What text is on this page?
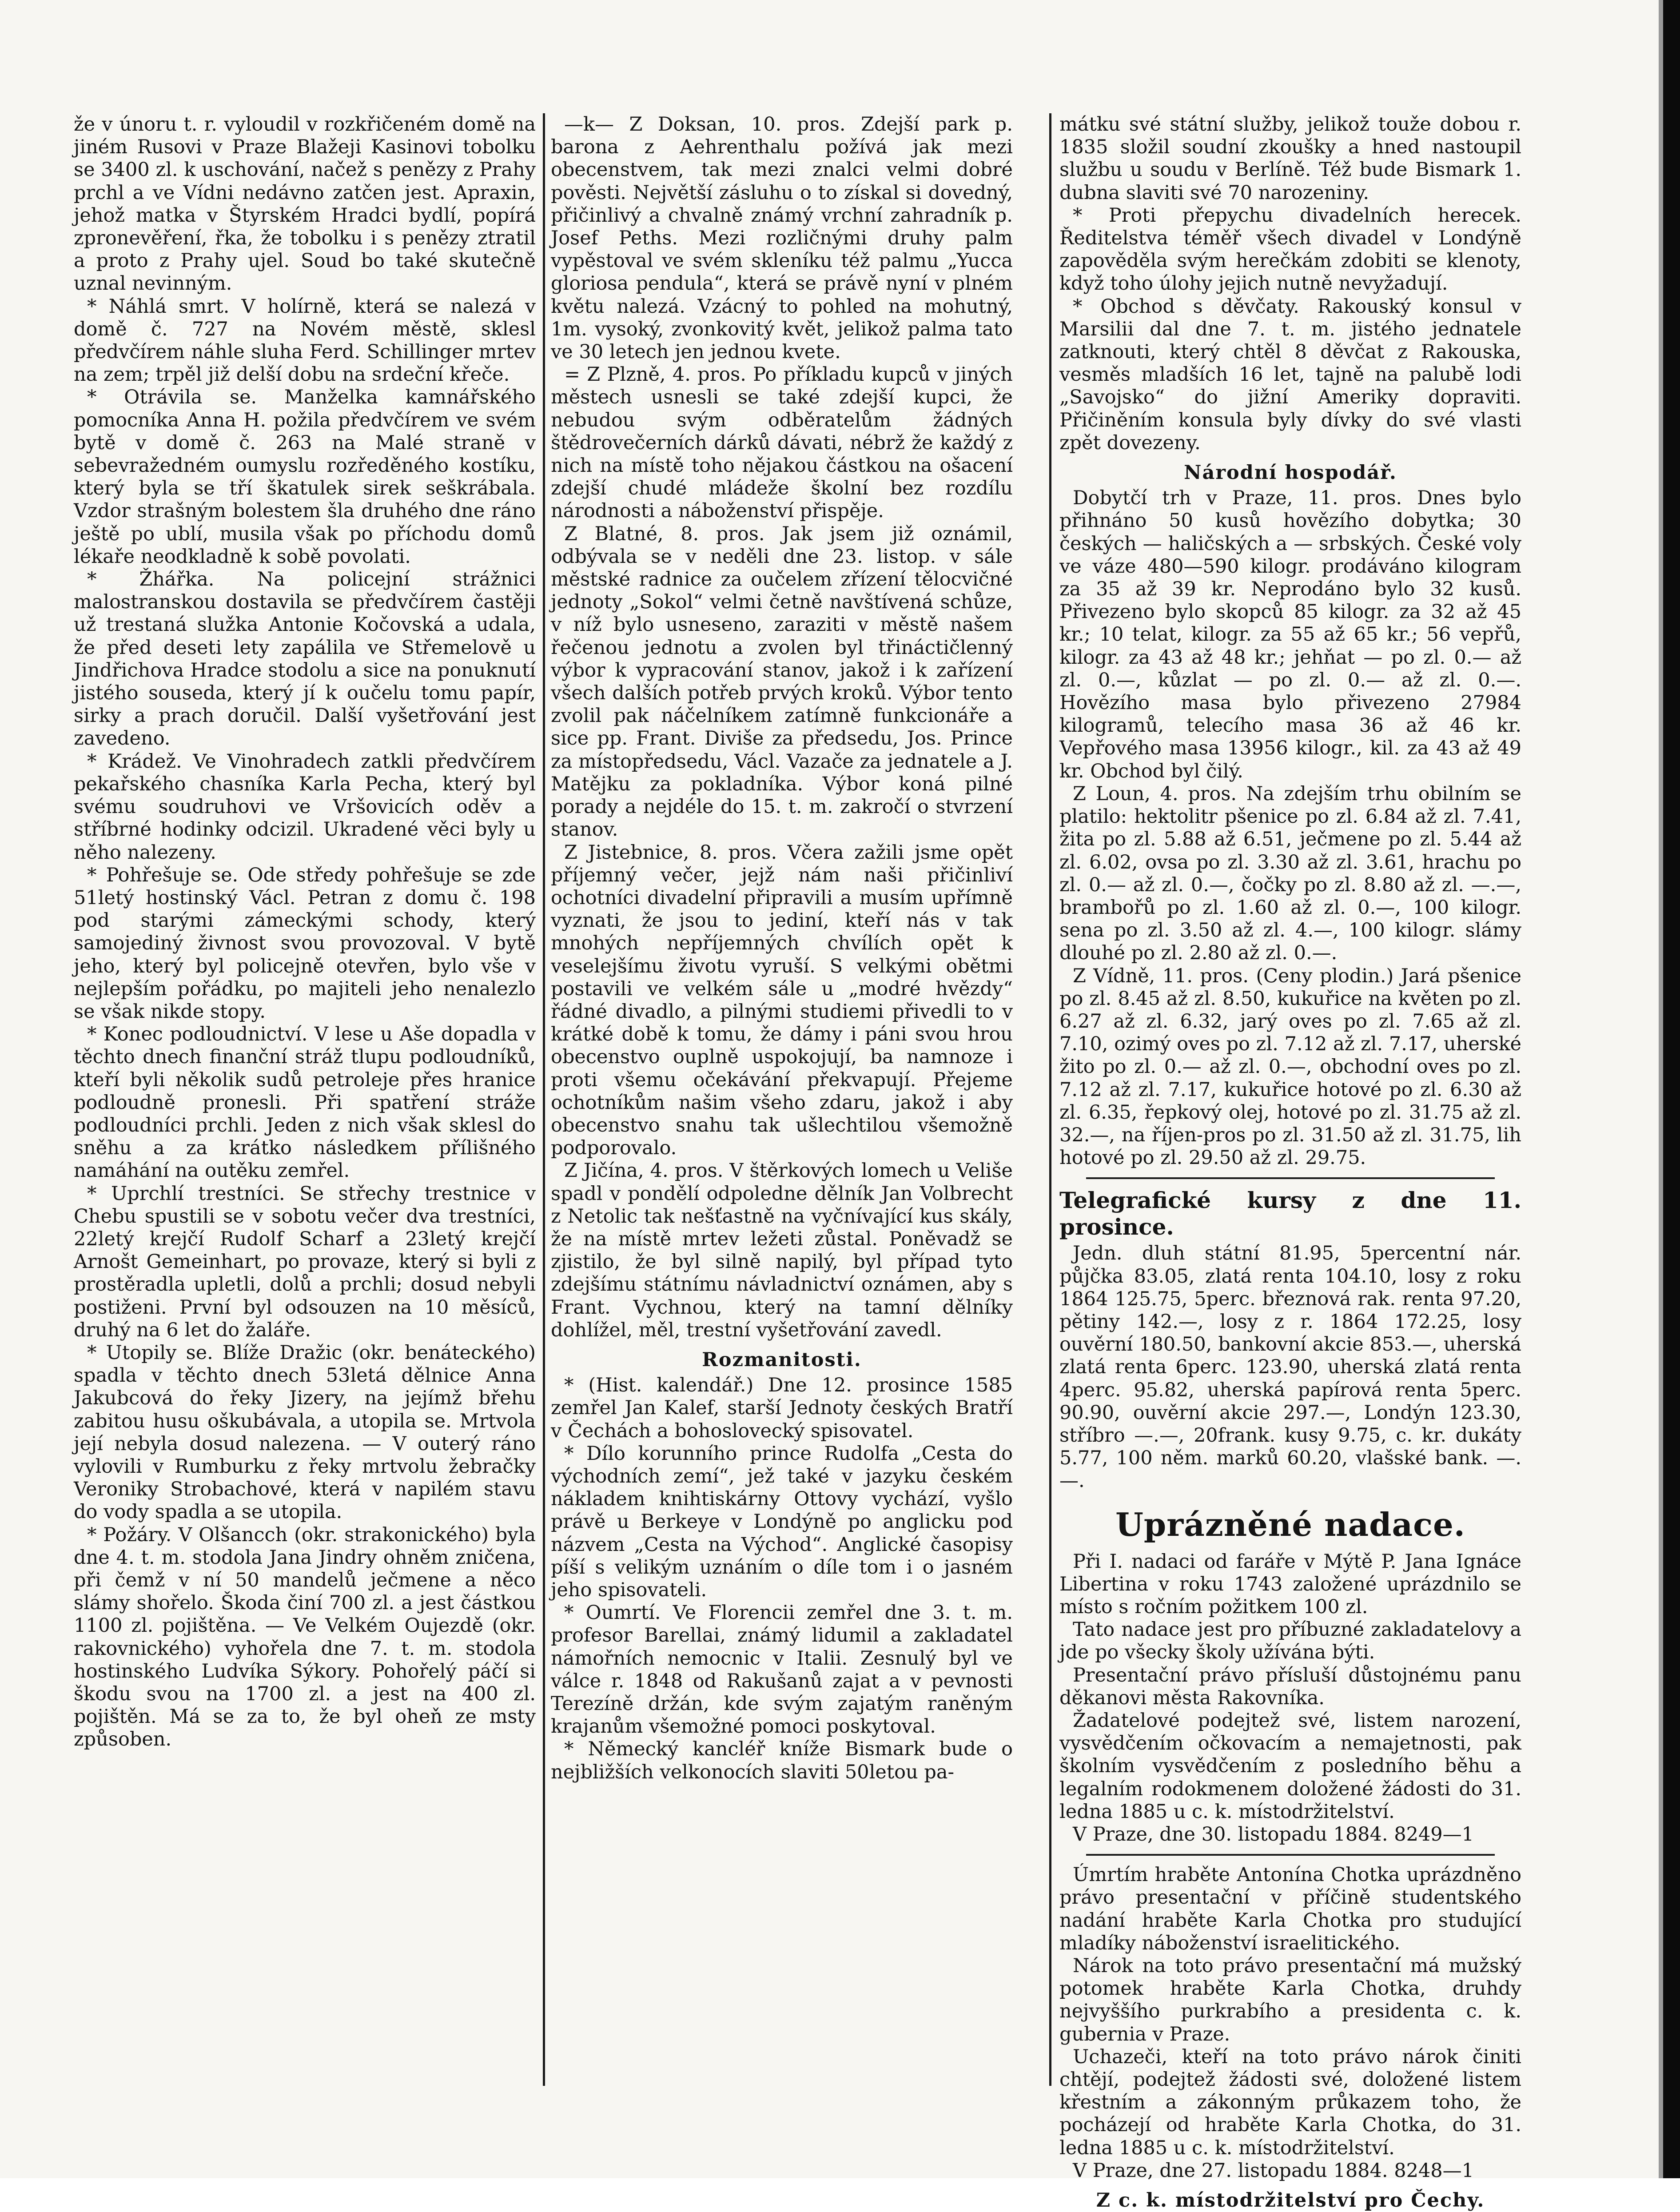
že v únoru t. r. vyloudil v rozkřičeném domě na jiném Rusovi v Praze Blažeji Kasinovi tobolku se 3400 zl. k uschování, načež s penězy z Prahy prchl a ve Vídni nedávno zatčen jest. Apraxin, jehož matka v Štyrském Hradci bydlí, popírá zpronevěření, řka, že tobolku i s penězy ztratil a proto z Prahy ujel. Soud bo také skutečně uznal nevinným.

* Náhlá smrt. V holírně, která se nalezá v domě č. 727 na Novém městě, sklesl předvčírem náhle sluha Ferd. Schillinger mrtev na zem; trpěl již delší dobu na srdeční křeče.

* Otrávila se. Manželka kamnářského pomocníka Anna H. požila předvčírem ve svém bytě v domě č. 263 na Malé straně v sebevražedném oumyslu rozředěného kostíku, který byla se tří škatulek sirek seškrábala. Vzdor strašným bolestem šla druhého dne ráno ještě po ublí, musila však po příchodu domů lékaře neodkladně k sobě povolati.

* Žhářka. Na policejní strážnici malostranskou dostavila se předvčírem častěji už trestaná služka Antonie Kočovská a udala, že před deseti lety zapálila ve Střemelově u Jindřichova Hradce stodolu a sice na ponuknutí jistého souseda, který jí k oučelu tomu papír, sirky a prach doručil. Další vyšetřování jest zavedeno.

* Krádež. Ve Vinohradech zatkli předvčírem pekařského chasníka Karla Pecha, který byl svému soudruhovi ve Vršovicích oděv a stříbrné hodinky odcizil. Ukradené věci byly u něho nalezeny.

* Pohřešuje se. Ode středy pohřešuje se zde 51letý hostinský Václ. Petran z domu č. 198 pod starými zámeckými schody, který samojediný živnost svou provozoval. V bytě jeho, který byl policejně otevřen, bylo vše v nejlepším pořádku, po majiteli jeho nenalezlo se však nikde stopy.

* Konec podloudnictví. V lese u Aše dopadla v těchto dnech finanční stráž tlupu podloudníků, kteří byli několik sudů petroleje přes hranice podloudně pronesli. Při spatření stráže podloudníci prchli. Jeden z nich však sklesl do sněhu a za krátko následkem přílišného namáhání na outěku zemřel.

* Uprchlí trestníci. Se střechy trestnice v Chebu spustili se v sobotu večer dva trestníci, 22letý krejčí Rudolf Scharf a 23letý krejčí Arnošt Gemeinhart, po provaze, který si byli z prostěradla upletli, dolů a prchli; dosud nebyli postiženi. První byl odsouzen na 10 měsíců, druhý na 6 let do žaláře.

* Utopily se. Blíže Dražic (okr. benáteckého) spadla v těchto dnech 53letá dělnice Anna Jakubcová do řeky Jizery, na jejímž břehu zabitou husu oškubávala, a utopila se. Mrtvola její nebyla dosud nalezena. — V outerý ráno vylovili v Rumburku z řeky mrtvolu žebračky Veroniky Strobachové, která v napilém stavu do vody spadla a se utopila.

* Požáry. V Olšancch (okr. strakonického) byla dne 4. t. m. stodola Jana Jindry ohněm zničena, při čemž v ní 50 mandelů ječmene a něco slámy shořelo. Škoda činí 700 zl. a jest částkou 1100 zl. pojištěna. — Ve Velkém Oujezdě (okr. rakovnického) vyhořela dne 7. t. m. stodola hostinského Ludvíka Sýkory. Pohořelý páčí si škodu svou na 1700 zl. a jest na 400 zl. pojištěn. Má se za to, že byl oheň ze msty způsoben.

—k— Z Doksan, 10. pros. Zdejší park p. barona z Aehrenthalu požívá jak mezi obecenstvem, tak mezi znalci velmi dobré pověsti. Největší zásluhu o to získal si dovedný, přičinlivý a chvalně známý vrchní zahradník p. Josef Peths. Mezi rozličnými druhy palm vypěstoval ve svém skleníku též palmu „Yucca gloriosa pendula“, která se právě nyní v plném květu nalezá. Vzácný to pohled na mohutný, 1m. vysoký, zvonkovitý květ, jelikož palma tato ve 30 letech jen jednou kvete.

= Z Plzně, 4. pros. Po příkladu kupců v jiných městech usnesli se také zdejší kupci, že nebudou svým odběratelům žádných štědrovečerních dárků dávati, nébrž že každý z nich na místě toho nějakou částkou na ošacení zdejší chudé mládeže školní bez rozdílu národnosti a náboženství přispěje.

Z Blatné, 8. pros. Jak jsem již oznámil, odbývala se v neděli dne 23. listop. v sále městské radnice za oučelem zřízení tělocvičné jednoty „Sokol“ velmi četně navštívená schůze, v níž bylo usneseno, zaraziti v městě našem řečenou jednotu a zvolen byl třináctičlenný výbor k vypracování stanov, jakož i k zařízení všech dalších potřeb prvých kroků. Výbor tento zvolil pak náčelníkem zatímně funkcionáře a sice pp. Frant. Diviše za předsedu, Jos. Prince za místopředsedu, Václ. Vazače za jednatele a J. Matějku za pokladníka. Výbor koná pilné porady a nejdéle do 15. t. m. zakročí o stvrzení stanov.

Z Jistebnice, 8. pros. Včera zažili jsme opět příjemný večer, jejž nám naši přičinliví ochotníci divadelní připravili a musím upřímně vyznati, že jsou to jediní, kteří nás v tak mnohých nepříjemných chvílích opět k veselejšímu životu vyruší. S velkými obětmi postavili ve velkém sále u „modré hvězdy“ řádné divadlo, a pilnými studiemi přivedli to v krátké době k tomu, že dámy i páni svou hrou obecenstvo ouplně uspokojují, ba namnoze i proti všemu očekávání překvapují. Přejeme ochotníkům našim všeho zdaru, jakož i aby obecenstvo snahu tak ušlechtilou všemožně podporovalo.

Z Jičína, 4. pros. V štěrkových lomech u Veliše spadl v pondělí odpoledne dělník Jan Volbrecht z Netolic tak nešťastně na vyčnívající kus skály, že na místě mrtev ležeti zůstal. Poněvadž se zjistilo, že byl silně napilý, byl případ tyto zdejšímu státnímu návladnictví oznámen, aby s Frant. Vychnou, který na tamní dělníky dohlížel, měl, trestní vyšetřování zavedl.

Rozmanitosti.

* (Hist. kalendář.) Dne 12. prosince 1585 zemřel Jan Kalef, starší Jednoty českých Bratří v Čechách a bohoslovecký spisovatel.

* Dílo korunního prince Rudolfa „Cesta do východních zemí“, jež také v jazyku českém nákladem knihtiskárny Ottovy vychází, vyšlo právě u Berkeye v Londýně po anglicku pod názvem „Cesta na Východ“. Anglické časopisy píší s velikým uznáním o díle tom i o jasném jeho spisovateli.

* Oumrtí. Ve Florencii zemřel dne 3. t. m. profesor Barellai, známý lidumil a zakladatel námořních nemocnic v Italii. Zesnulý byl ve válce r. 1848 od Rakušanů zajat a v pevnosti Terezíně držán, kde svým zajatým raněným krajanům všemožné pomoci poskytoval.

* Německý kancléř kníže Bismark bude o nejbližších velkonocích slaviti 50letou pa-

mátku své státní služby, jelikož touže dobou r. 1835 složil soudní zkoušky a hned nastoupil službu u soudu v Berlíně. Též bude Bismark 1. dubna slaviti své 70 narozeniny.

* Proti přepychu divadelních herecek. Ředitelstva téměř všech divadel v Londýně zapověděla svým herečkám zdobiti se klenoty, když toho úlohy jejich nutně nevyžadují.

* Obchod s děvčaty. Rakouský konsul v Marsilii dal dne 7. t. m. jistého jednatele zatknouti, který chtěl 8 děvčat z Rakouska, vesměs mladších 16 let, tajně na palubě lodi „Savojsko“ do jižní Ameriky dopraviti. Přičiněním konsula byly dívky do své vlasti zpět dovezeny.

Národní hospodář.

Dobytčí trh v Praze, 11. pros. Dnes bylo přihnáno 50 kusů hovězího dobytka; 30 českých — haličských a — srbských. České voly ve váze 480—590 kilogr. prodáváno kilogram za 35 až 39 kr. Neprodáno bylo 32 kusů. Přivezeno bylo skopců 85 kilogr. za 32 až 45 kr.; 10 telat, kilogr. za 55 až 65 kr.; 56 vepřů, kilogr. za 43 až 48 kr.; jehňat — po zl. 0.— až zl. 0.—, kůzlat — po zl. 0.— až zl. 0.—. Hovězího masa bylo přivezeno 27984 kilogramů, telecího masa 36 až 46 kr. Vepřového masa 13956 kilogr., kil. za 43 až 49 kr. Obchod byl čilý.

Z Loun, 4. pros. Na zdejším trhu obilním se platilo: hektolitr pšenice po zl. 6.84 až zl. 7.41, žita po zl. 5.88 až 6.51, ječmene po zl. 5.44 až zl. 6.02, ovsa po zl. 3.30 až zl. 3.61, hrachu po zl. 0.— až zl. 0.—, čočky po zl. 8.80 až zl. —.—, brambořů po zl. 1.60 až zl. 0.—, 100 kilogr. sena po zl. 3.50 až zl. 4.—, 100 kilogr. slámy dlouhé po zl. 2.80 až zl. 0.—.

Z Vídně, 11. pros. (Ceny plodin.) Jará pšenice po zl. 8.45 až zl. 8.50, kukuřice na květen po zl. 6.27 až zl. 6.32, jarý oves po zl. 7.65 až zl. 7.10, ozimý oves po zl. 7.12 až zl. 7.17, uherské žito po zl. 0.— až zl. 0.—, obchodní oves po zl. 7.12 až zl. 7.17, kukuřice hotové po zl. 6.30 až zl. 6.35, řepkový olej, hotové po zl. 31.75 až zl. 32.—, na říjen-pros po zl. 31.50 až zl. 31.75, lih hotové po zl. 29.50 až zl. 29.75.

Telegrafické kursy z dne 11. prosince.

Jedn. dluh státní 81.95, 5percentní nár. půjčka 83.05, zlatá renta 104.10, losy z roku 1864 125.75, 5perc. březnová rak. renta 97.20, pětiny 142.—, losy z r. 1864 172.25, losy ouvěrní 180.50, bankovní akcie 853.—, uherská zlatá renta 6perc. 123.90, uherská zlatá renta 4perc. 95.82, uherská papírová renta 5perc. 90.90, ouvěrní akcie 297.—, Londýn 123.30, stříbro —.—, 20frank. kusy 9.75, c. kr. dukáty 5.77, 100 něm. marků 60.20, vlašské bank. —.—.

Uprázněné nadace.

Při I. nadaci od faráře v Mýtě P. Jana Ignáce Libertina v roku 1743 založené uprázdnilo se místo s ročním požitkem 100 zl.

Tato nadace jest pro příbuzné zakladatelovy a jde po všecky školy užívána býti.

Presentační právo přísluší důstojnému panu děkanovi města Rakovníka.

Žadatelové podejtež své, listem narození, vysvědčením očkovacím a nemajetnosti, pak školním vysvědčením z posledního běhu a legalním rodokmenem doložené žádosti do 31. ledna 1885 u c. k. místodržitelství.

V Praze, dne 30. listopadu 1884. 8249—1

Úmrtím hraběte Antonína Chotka uprázdněno právo presentační v příčině studentského nadání hraběte Karla Chotka pro studující mladíky náboženství israelitického.

Nárok na toto právo presentační má mužský potomek hraběte Karla Chotka, druhdy nejvyššího purkrabího a presidenta c. k. gubernia v Praze.

Uchazeči, kteří na toto právo nárok činiti chtějí, podejtež žádosti své, doložené listem křestním a zákonným průkazem toho, že pocházejí od hraběte Karla Chotka, do 31. ledna 1885 u c. k. místodržitelství.

V Praze, dne 27. listopadu 1884. 8248—1

Z c. k. místodržitelství pro Čechy.
